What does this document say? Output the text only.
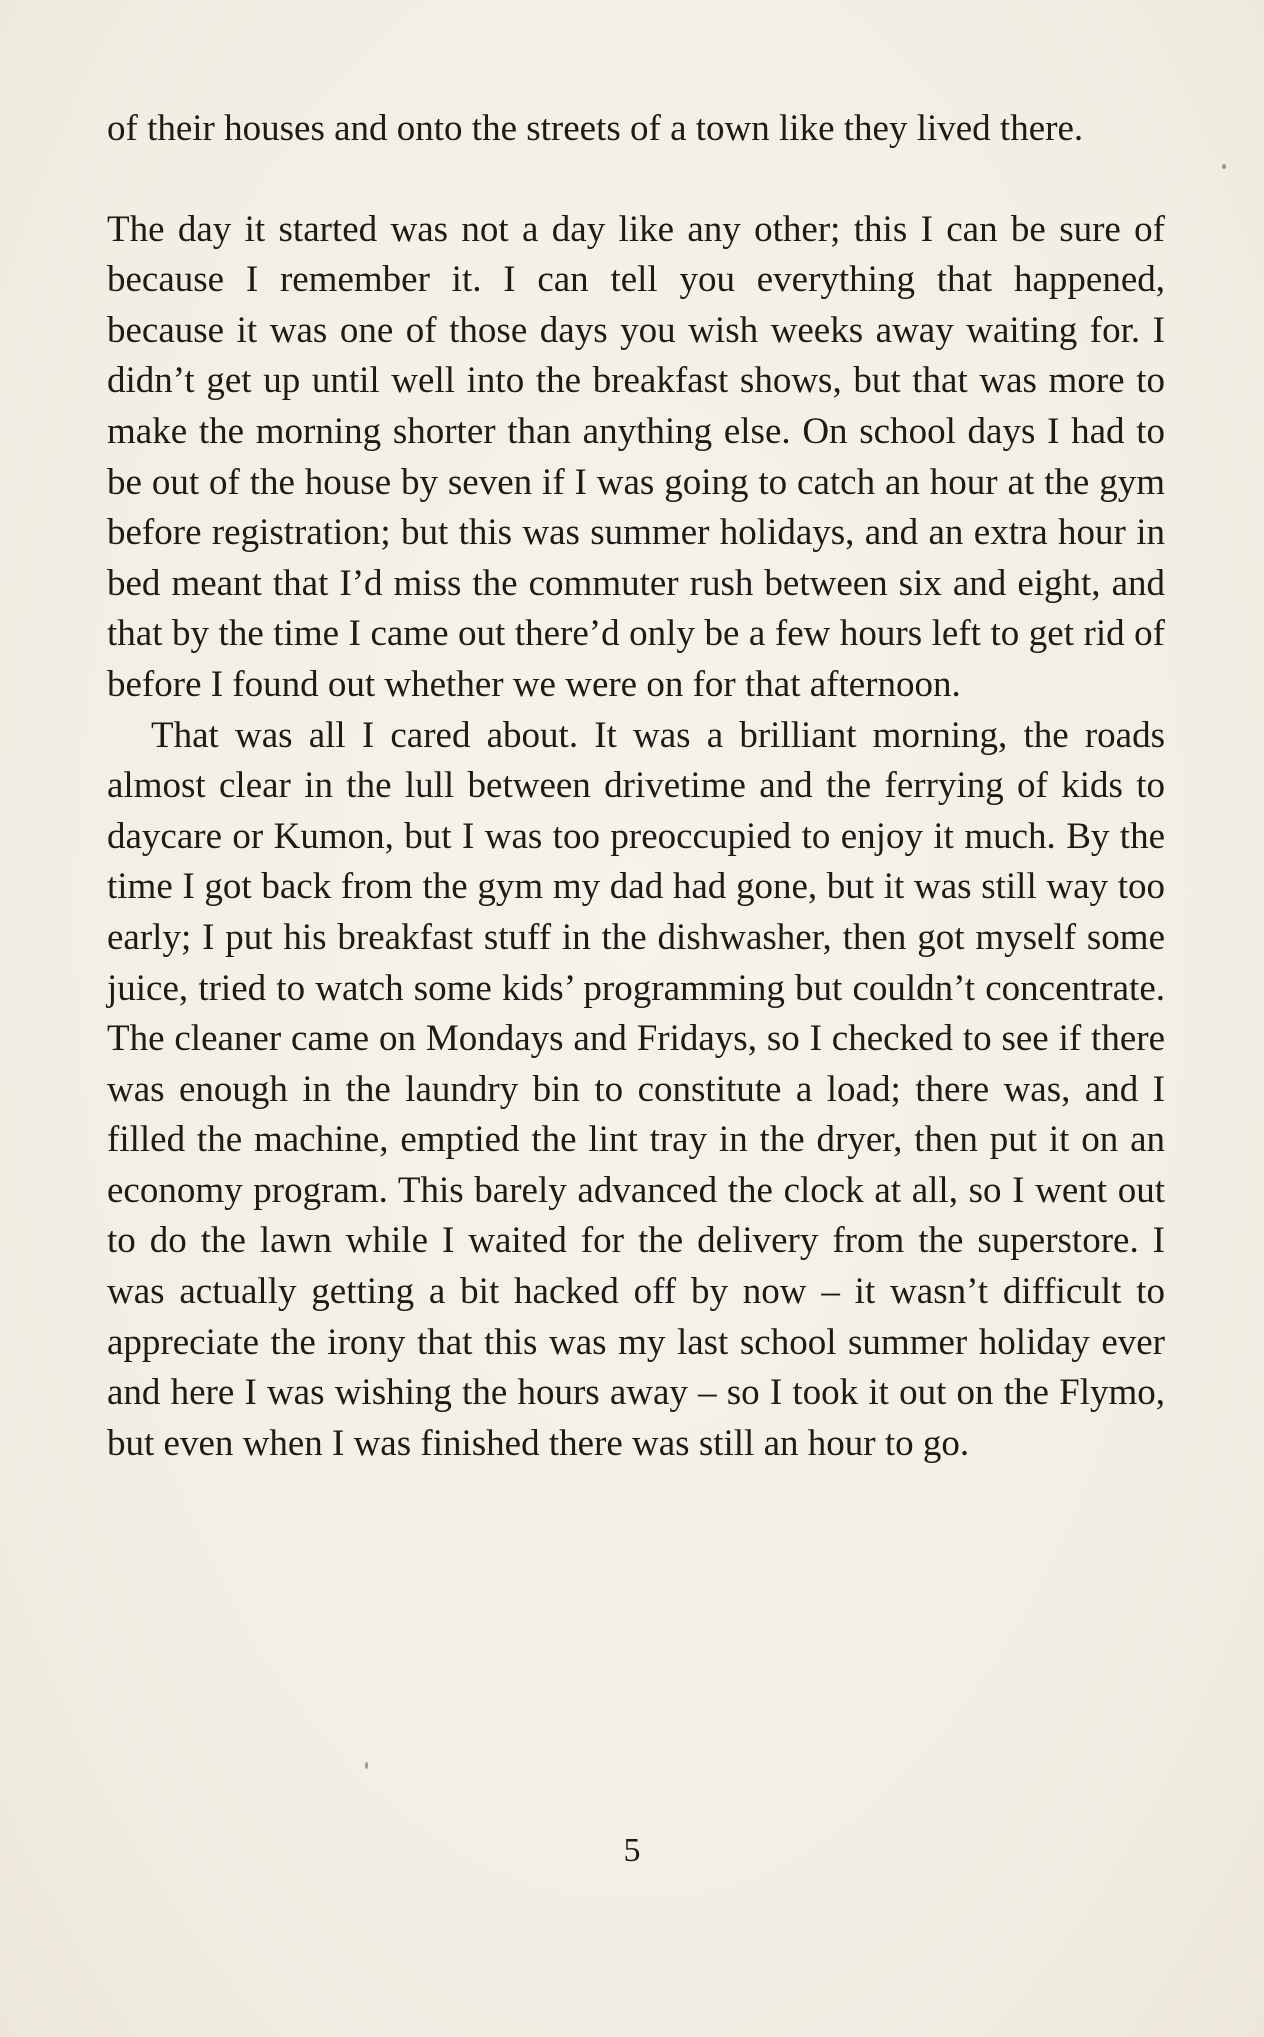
of their houses and onto the streets of a town like they lived there.

The day it started was not a day like any other; this I can be sure of because I remember it. I can tell you everything that happened, because it was one of those days you wish weeks away waiting for. I didn’t get up until well into the breakfast shows, but that was more to make the morning shorter than anything else. On school days I had to be out of the house by seven if I was going to catch an hour at the gym before registration; but this was summer holidays, and an extra hour in bed meant that I’d miss the commuter rush between six and eight, and that by the time I came out there’d only be a few hours left to get rid of before I found out whether we were on for that afternoon.

That was all I cared about. It was a brilliant morning, the roads almost clear in the lull between drivetime and the ferrying of kids to daycare or Kumon, but I was too preoccupied to enjoy it much. By the time I got back from the gym my dad had gone, but it was still way too early; I put his breakfast stuff in the dishwasher, then got myself some juice, tried to watch some kids’ programming but couldn’t concentrate. The cleaner came on Mondays and Fridays, so I checked to see if there was enough in the laundry bin to constitute a load; there was, and I filled the machine, emptied the lint tray in the dryer, then put it on an economy program. This barely advanced the clock at all, so I went out to do the lawn while I waited for the delivery from the superstore. I was actually getting a bit hacked off by now – it wasn’t difficult to appreciate the irony that this was my last school summer holiday ever and here I was wishing the hours away – so I took it out on the Flymo, but even when I was finished there was still an hour to go.

5
